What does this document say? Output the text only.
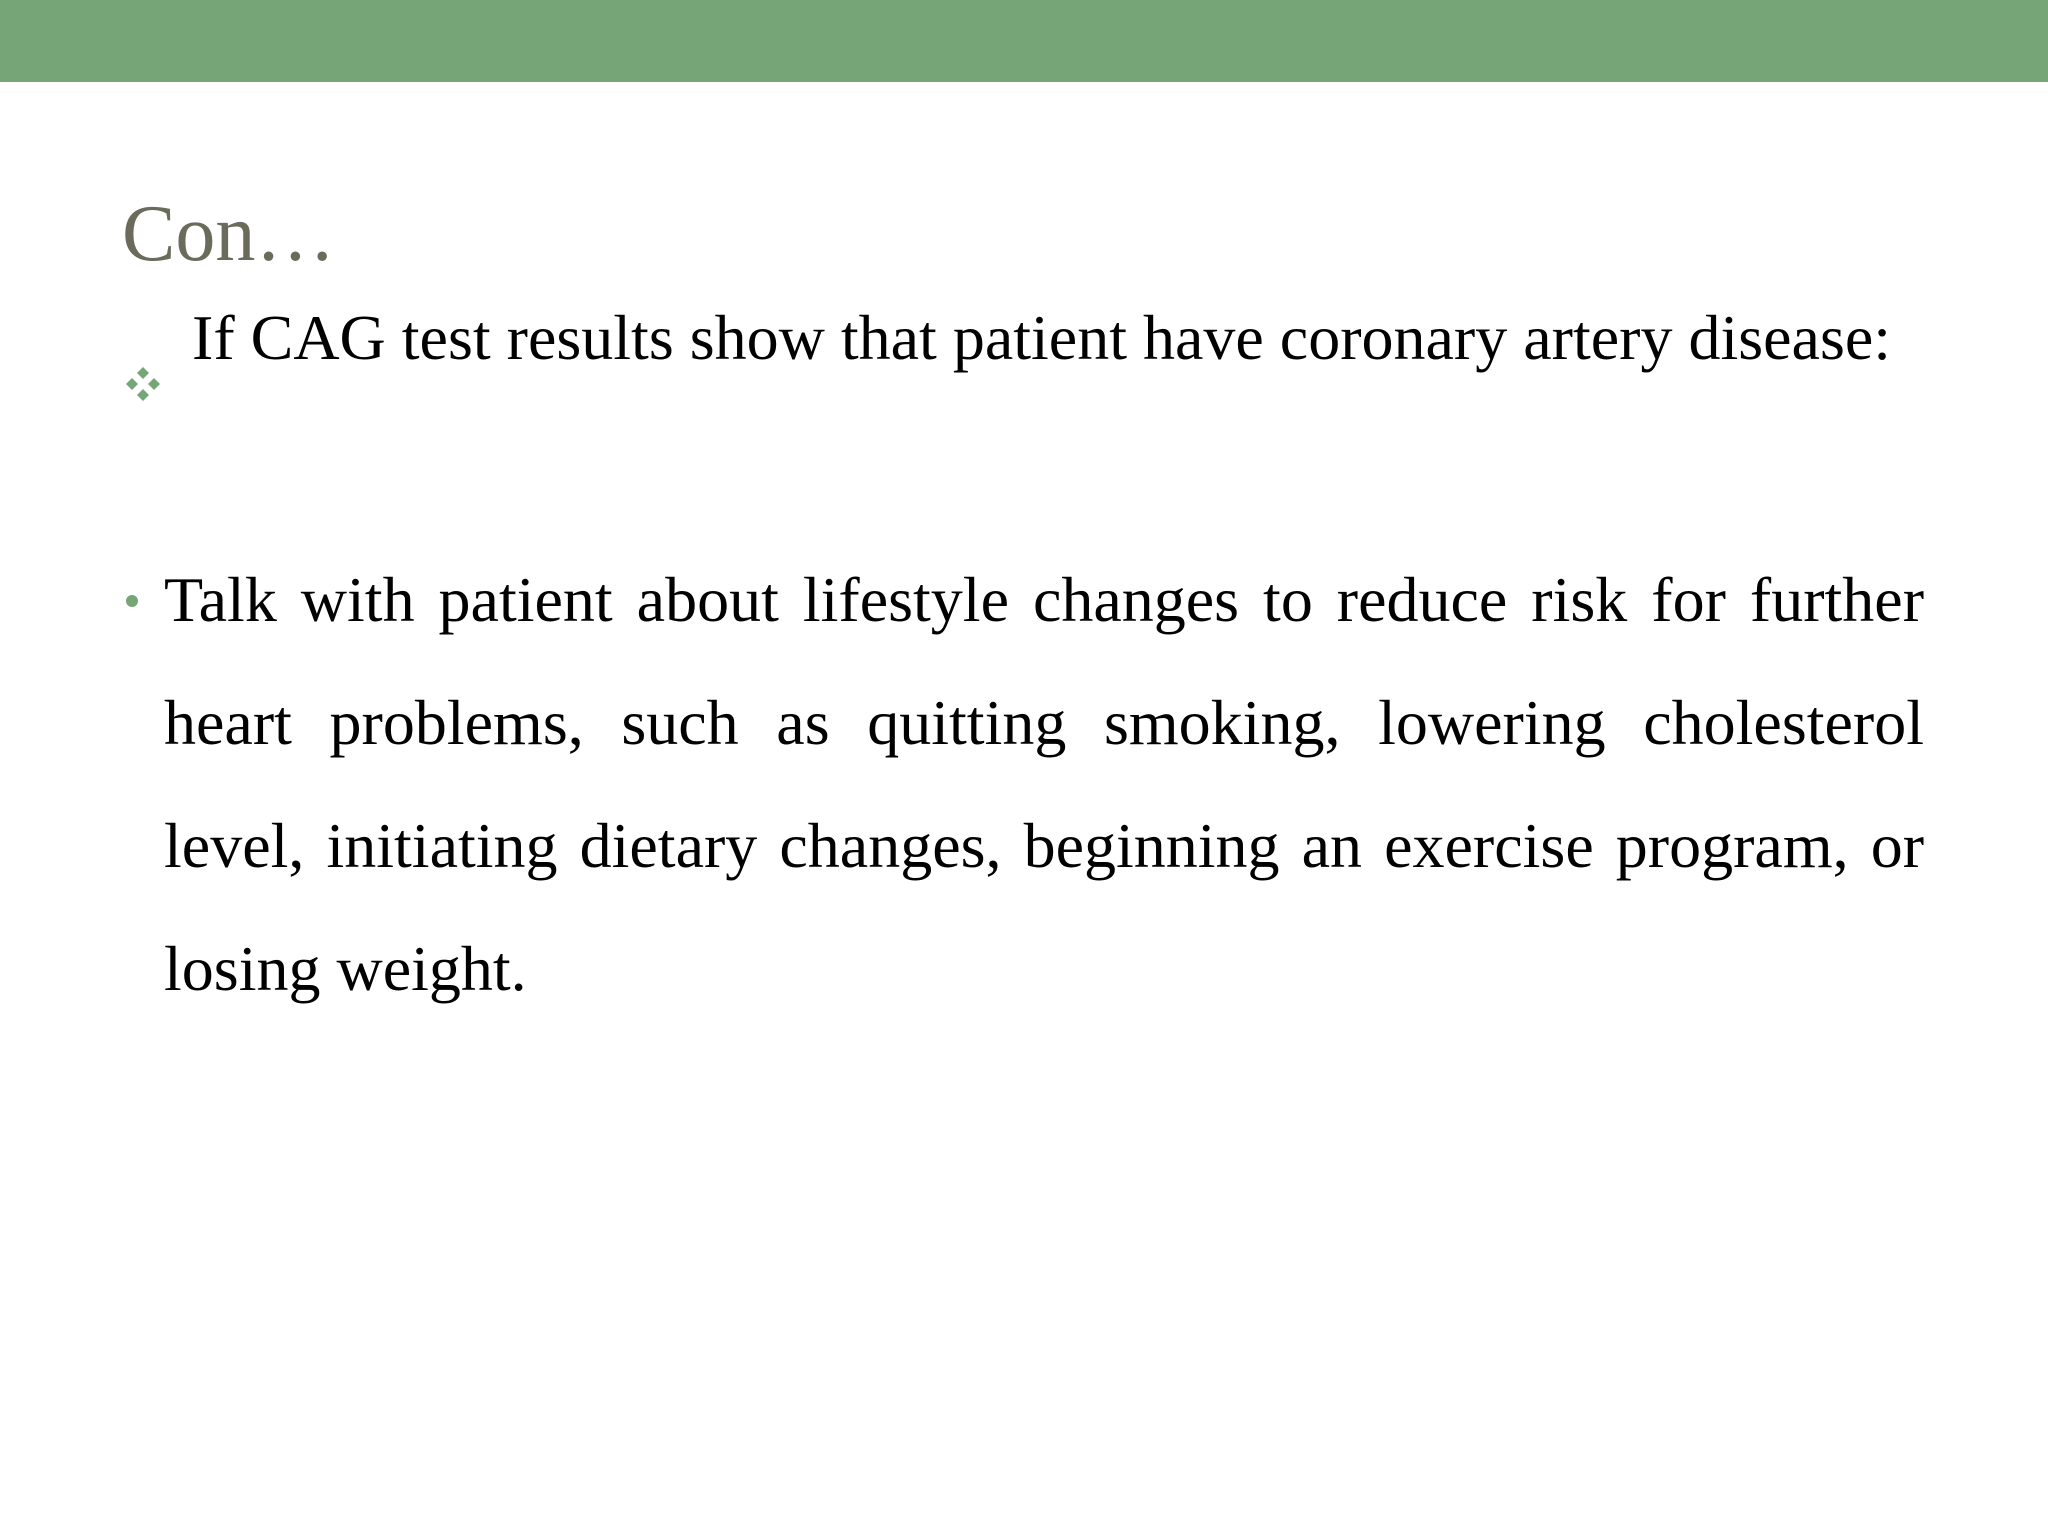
Con…

If CAG test results show that patient have coronary artery disease:

Talk with patient about lifestyle changes to reduce risk for further heart problems, such as quitting smoking, lowering cholesterol level, initiating dietary changes, beginning an exercise program, or losing weight.
